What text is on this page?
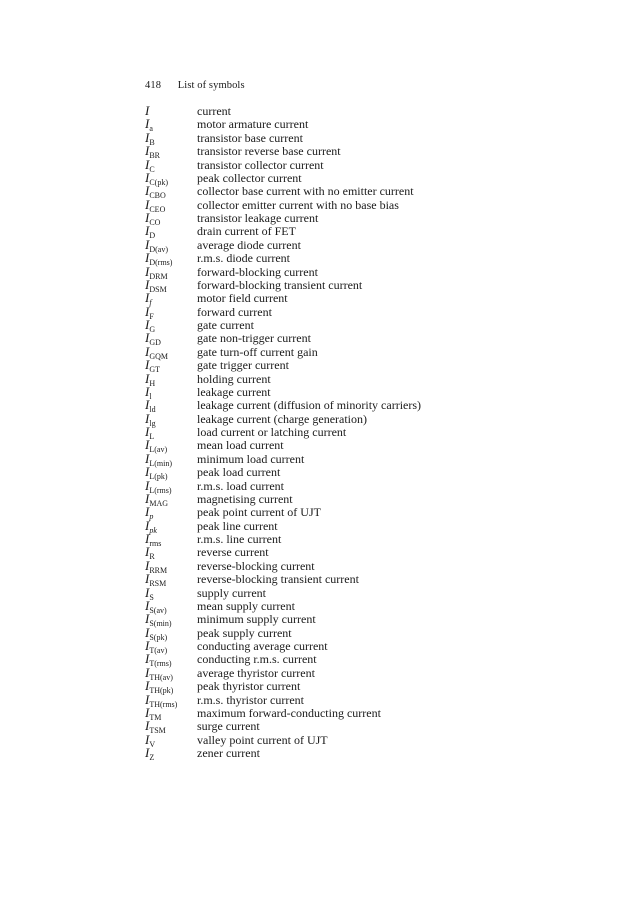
418 List of symbols
I	current
$I_a$	motor armature current
$I_B$	transistor base current
$I_{BR}$	transistor reverse base current
$I_C$	transistor collector current
$I_{C(pk)}$	peak collector current
$I_{CBO}$	collector base current with no emitter current
$I_{CEO}$	collector emitter current with no base bias
$I_{CO}$	transistor leakage current
$I_D$	drain current of FET
$I_{D(av)}$	average diode current
$I_{D(rms)}$	r.m.s. diode current
$I_{DRM}$	forward-blocking current
$I_{DSM}$	forward-blocking transient current
$I_f$	motor field current
$I_F$	forward current
$I_G$	gate current
$I_{GD}$	gate non-trigger current
$I_{GQM}$	gate turn-off current gain
$I_{GT}$	gate trigger current
$I_H$	holding current
$I_l$	leakage current
$I_{ld}$	leakage current (diffusion of minority carriers)
$I_{lg}$	leakage current (charge generation)
$I_L$	load current or latching current
$I_{L(av)}$	mean load current
$I_{L(min)}$	minimum load current
$I_{L(pk)}$	peak load current
$I_{L(rms)}$	r.m.s. load current
$I_{MAG}$	magnetising current
$I_p$	peak point current of UJT
$I_{pk}$	peak line current
$I_{rms}$	r.m.s. line current
$I_R$	reverse current
$I_{RRM}$	reverse-blocking current
$I_{RSM}$	reverse-blocking transient current
$I_S$	supply current
$I_{S(av)}$	mean supply current
$I_{S(min)}$	minimum supply current
$I_{S(pk)}$	peak supply current
$I_{T(av)}$	conducting average current
$I_{T(rms)}$	conducting r.m.s. current
$I_{TH(av)}$	average thyristor current
$I_{TH(pk)}$	peak thyristor current
$I_{TH(rms)}$	r.m.s. thyristor current
$I_{TM}$	maximum forward-conducting current
$I_{TSM}$	surge current
$I_V$	valley point current of UJT
$I_Z$	zener current
